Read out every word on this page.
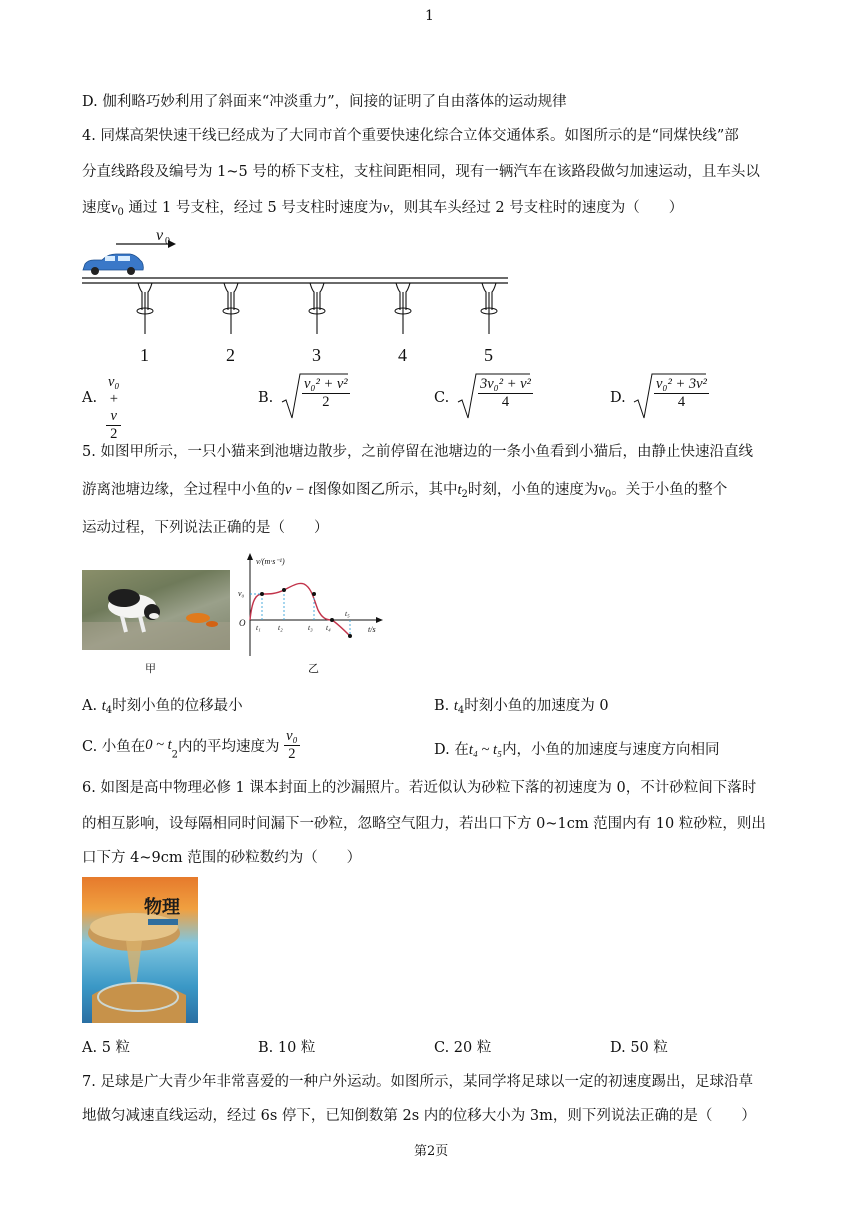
1
D. 伽利略巧妙利用了斜面来“冲淡重力”，间接的证明了自由落体的运动规律
4. 同煤高架快速干线已经成为了大同市首个重要快速化综合立体交通体系。如图所示的是“同煤快线”部
分直线路段及编号为 1~5 号的桥下支柱，支柱间距相同，现有一辆汽车在该路段做匀加速运动，且车头以
速度$v_0$ 通过 1 号支柱，经过 5 号支柱时速度为v，则其车头经过 2 号支柱时的速度为（　　）
v 0
1	2	3	4	5
A. $\frac{\text{v₀ + v}}{2}$	B. $\frac{\text{v₀² + v²}}{2}$	C. $\frac{\text{3v₀² + v²}}{4}$	D. $\frac{\text{v₀² + 3v²}}{4}$
5. 如图甲所示，一只小猫来到池塘边散步，之前停留在池塘边的一条小鱼看到小猫后，由静止快速沿直线
游离池塘边缘，全过程中小鱼的v − t图像如图乙所示，其中$t_2$时刻，小鱼的速度为$v_0$。关于小鱼的整个
运动过程，下列说法正确的是（　　）
甲
v/(m·s⁻¹)
t/s
O
v₀
t₁ t₂	t₃ t₄
t₅
乙
A. $t_4$时刻小鱼的位移最小	B. $t_4$时刻小鱼的加速度为 0
C. 小鱼在0 ~ $t_2$内的平均速度为 $\frac{\text{v₀}}{2}$	D. 在t₄ ~ t₅内，小鱼的加速度与速度方向相同
6. 如图是高中物理必修 1 课本封面上的沙漏照片。若近似认为砂粒下落的初速度为 0，不计砂粒间下落时
的相互影响，设每隔相同时间漏下一砂粒，忽略空气阻力，若出口下方 0~1cm 范围内有 10 粒砂粒，则出
口下方 4~9cm 范围的砂粒数约为（　　）
物理
A. 5 粒	B. 10 粒	C. 20 粒	D. 50 粒
7. 足球是广大青少年非常喜爱的一种户外运动。如图所示，某同学将足球以一定的初速度踢出，足球沿草
地做匀减速直线运动，经过 6s 停下，已知倒数第 2s 内的位移大小为 3m，则下列说法正确的是（　　）
第2页
